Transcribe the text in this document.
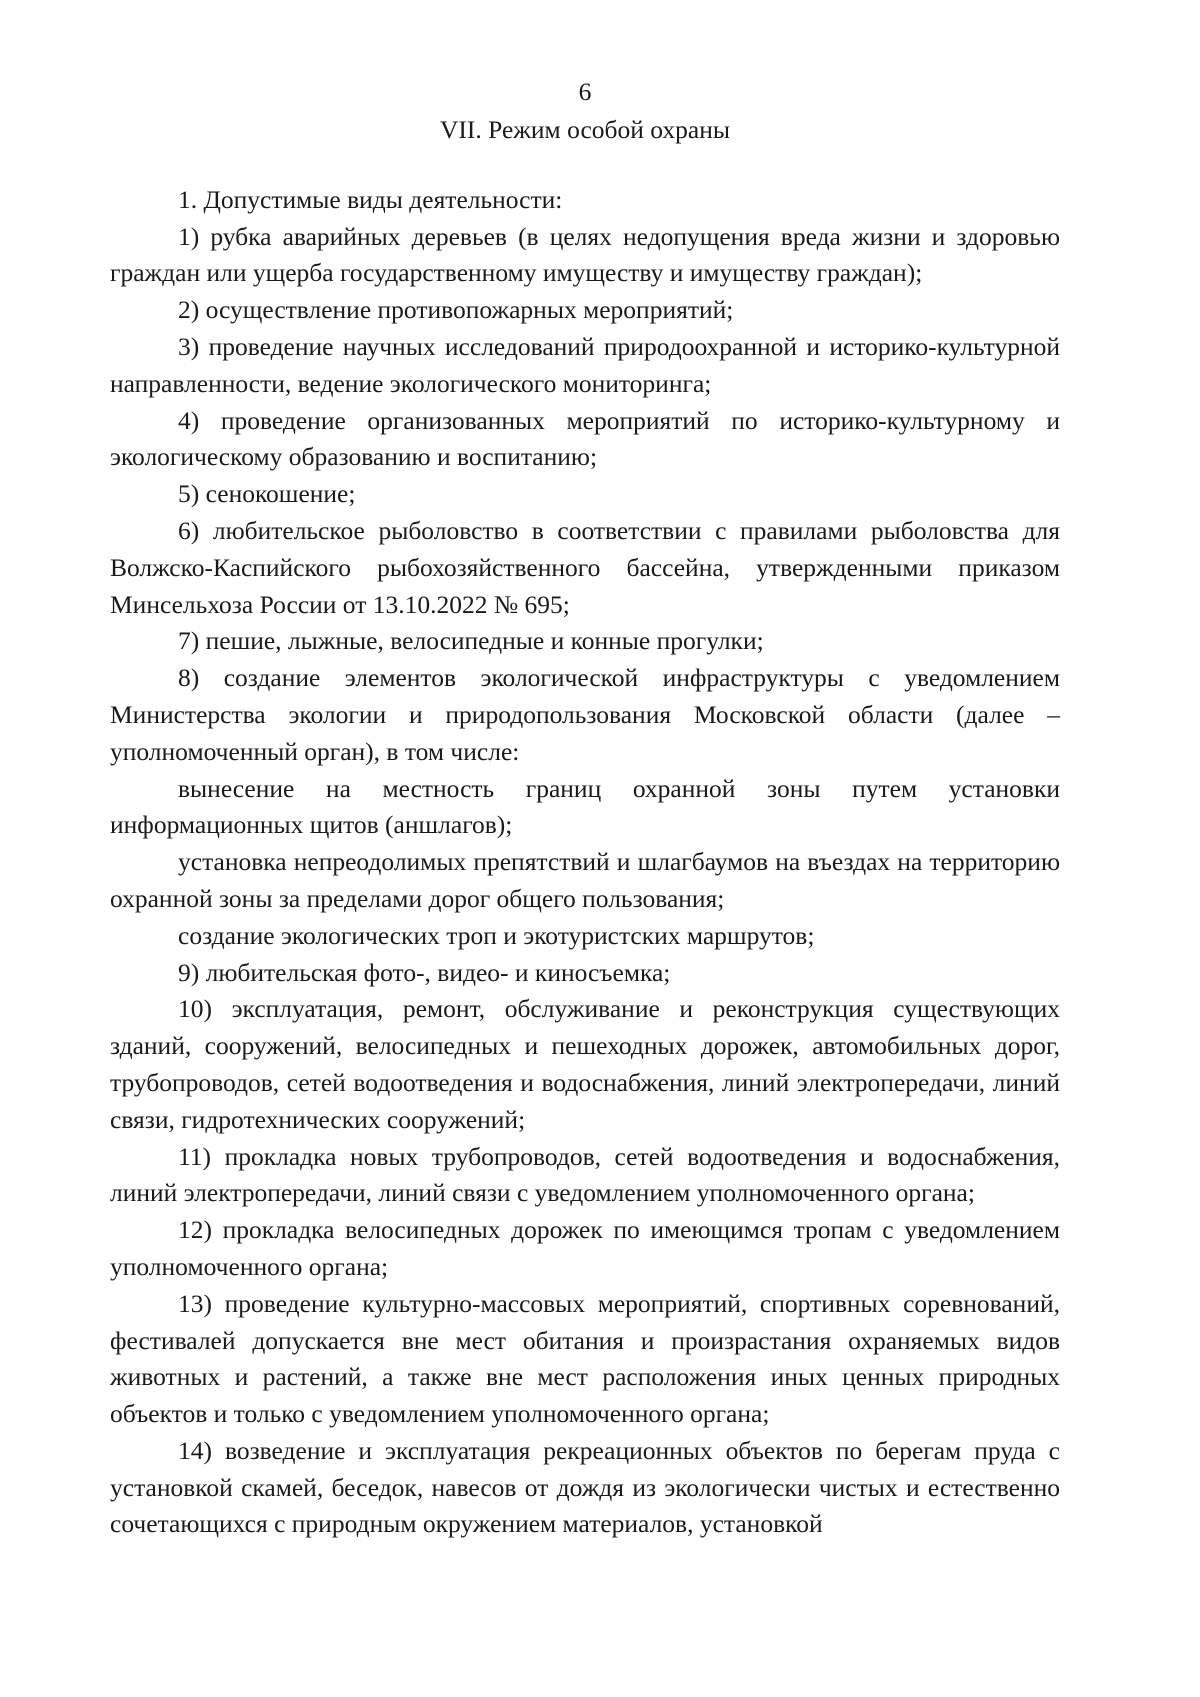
6
VII. Режим особой охраны

1. Допустимые виды деятельности:

1) рубка аварийных деревьев (в целях недопущения вреда жизни и здоровью граждан или ущерба государственному имуществу и имуществу граждан);

2) осуществление противопожарных мероприятий;

3) проведение научных исследований природоохранной и историко-культурной направленности, ведение экологического мониторинга;

4) проведение организованных мероприятий по историко-культурному и экологическому образованию и воспитанию;

5) сенокошение;

6) любительское рыболовство в соответствии с правилами рыболовства для Волжско-Каспийского рыбохозяйственного бассейна, утвержденными приказом Минсельхоза России от 13.10.2022 № 695;

7) пешие, лыжные, велосипедные и конные прогулки;

8) создание элементов экологической инфраструктуры с уведомлением Министерства экологии и природопользования Московской области (далее – уполномоченный орган), в том числе:

вынесение на местность границ охранной зоны путем установки информационных щитов (аншлагов);

установка непреодолимых препятствий и шлагбаумов на въездах на территорию охранной зоны за пределами дорог общего пользования;

создание экологических троп и экотуристских маршрутов;

9) любительская фото-, видео- и киносъемка;

10) эксплуатация, ремонт, обслуживание и реконструкция существующих зданий, сооружений, велосипедных и пешеходных дорожек, автомобильных дорог, трубопроводов, сетей водоотведения и водоснабжения, линий электропередачи, линий связи, гидротехнических сооружений;

11) прокладка новых трубопроводов, сетей водоотведения и водоснабжения, линий электропередачи, линий связи с уведомлением уполномоченного органа;

12) прокладка велосипедных дорожек по имеющимся тропам с уведомлением уполномоченного органа;

13) проведение культурно-массовых мероприятий, спортивных соревнований, фестивалей допускается вне мест обитания и произрастания охраняемых видов животных и растений, а также вне мест расположения иных ценных природных объектов и только с уведомлением уполномоченного органа;

14) возведение и эксплуатация рекреационных объектов по берегам пруда с установкой скамей, беседок, навесов от дождя из экологически чистых и естественно сочетающихся с природным окружением материалов, установкой
